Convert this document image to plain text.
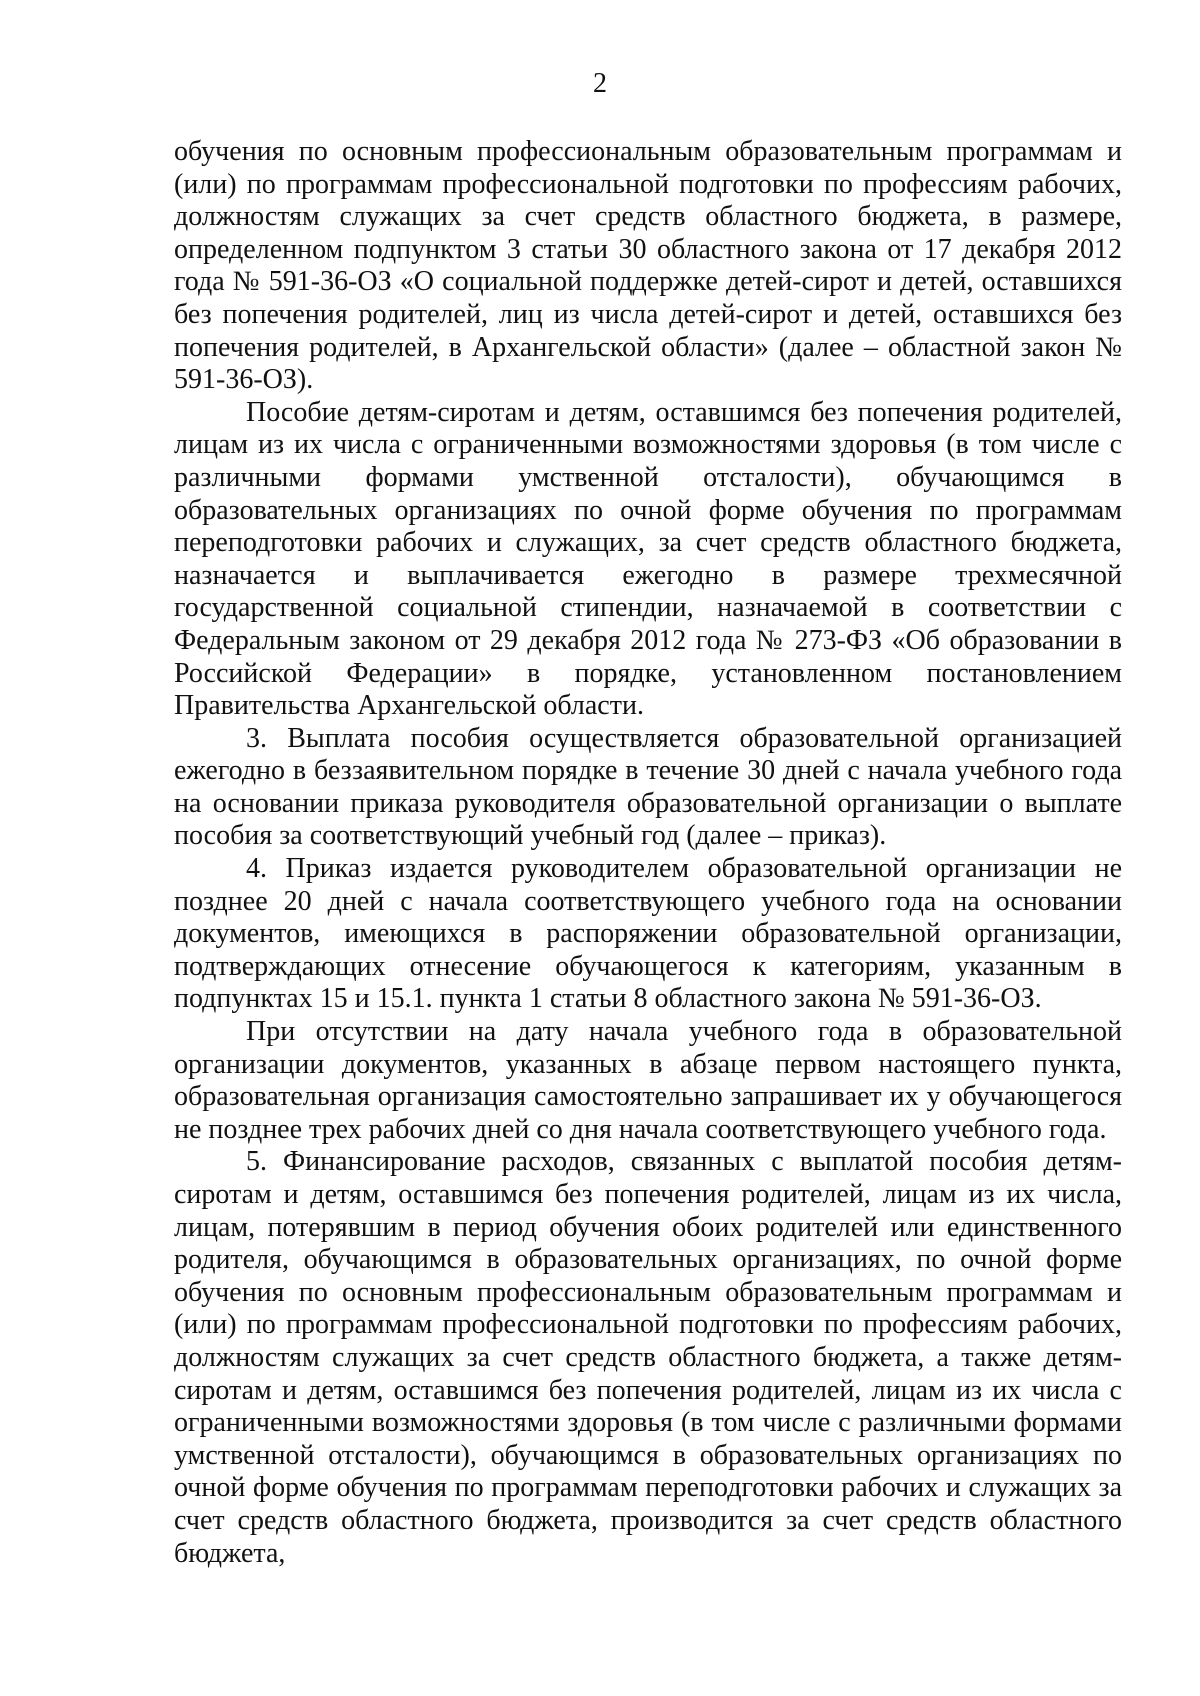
2

обучения по основным профессиональным образовательным программам и (или) по программам профессиональной подготовки по профессиям рабочих, должностям служащих за счет средств областного бюджета, в размере, определенном подпунктом 3 статьи 30 областного закона от 17 декабря 2012 года № 591-36-ОЗ «О социальной поддержке детей-сирот и детей, оставшихся без попечения родителей, лиц из числа детей-сирот и детей, оставшихся без попечения родителей, в Архангельской области» (далее – областной закон № 591-36-ОЗ).

Пособие детям-сиротам и детям, оставшимся без попечения родителей, лицам из их числа с ограниченными возможностями здоровья (в том числе с различными формами умственной отсталости), обучающимся в образовательных организациях по очной форме обучения по программам переподготовки рабочих и служащих, за счет средств областного бюджета, назначается и выплачивается ежегодно в размере трехмесячной государственной социальной стипендии, назначаемой в соответствии с Федеральным законом от 29 декабря 2012 года № 273-ФЗ «Об образовании в Российской Федерации» в порядке, установленном постановлением Правительства Архангельской области.

3. Выплата пособия осуществляется образовательной организацией ежегодно в беззаявительном порядке в течение 30 дней с начала учебного года на основании приказа руководителя образовательной организации о выплате пособия за соответствующий учебный год (далее – приказ).

4. Приказ издается руководителем образовательной организации не позднее 20 дней с начала соответствующего учебного года на основании документов, имеющихся в распоряжении образовательной организации, подтверждающих отнесение обучающегося к категориям, указанным в подпунктах 15 и 15.1. пункта 1 статьи 8 областного закона № 591-36-ОЗ.

При отсутствии на дату начала учебного года в образовательной организации документов, указанных в абзаце первом настоящего пункта, образовательная организация самостоятельно запрашивает их у обучающегося не позднее трех рабочих дней со дня начала соответствующего учебного года.

5. Финансирование расходов, связанных с выплатой пособия детям-сиротам и детям, оставшимся без попечения родителей, лицам из их числа, лицам, потерявшим в период обучения обоих родителей или единственного родителя, обучающимся в образовательных организациях, по очной форме обучения по основным профессиональным образовательным программам и (или) по программам профессиональной подготовки по профессиям рабочих, должностям служащих за счет средств областного бюджета, а также детям-сиротам и детям, оставшимся без попечения родителей, лицам из их числа с ограниченными возможностями здоровья (в том числе с различными формами умственной отсталости), обучающимся в образовательных организациях по очной форме обучения по программам переподготовки рабочих и служащих за счет средств областного бюджета, производится за счет средств областного бюджета,
